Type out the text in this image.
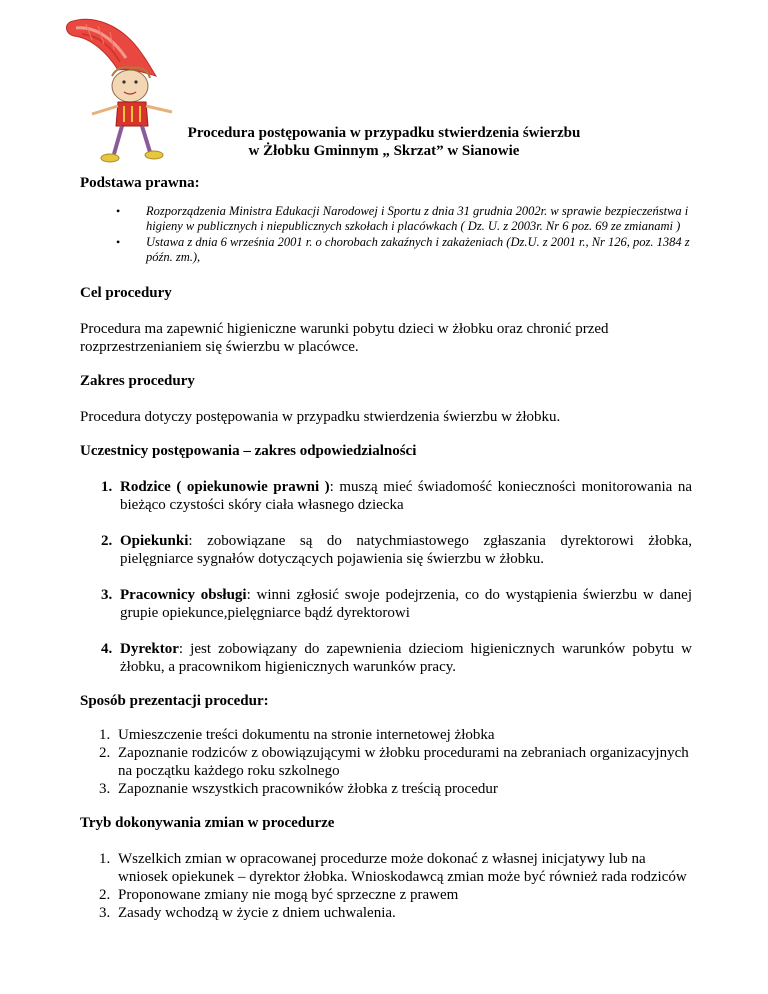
Procedura postępowania w przypadku stwierdzenia świerzbu
w Żłobku Gminnym „ Skrzat” w Sianowie

Podstawa prawna:

• Rozporządzenia Ministra Edukacji Narodowej i Sportu z dnia 31 grudnia 2002r. w sprawie bezpieczeństwa i higieny w publicznych i niepublicznych szkołach i placówkach ( Dz. U. z 2003r. Nr 6 poz. 69 ze zmianami )
• Ustawa z dnia 6 września 2001 r. o chorobach zakaźnych i zakażeniach (Dz.U. z 2001 r., Nr 126, poz. 1384 z późn. zm.),

Cel procedury

Procedura ma zapewnić higieniczne warunki pobytu dzieci w żłobku oraz chronić przed rozprzestrzenianiem się świerzbu w placówce.

Zakres procedury

Procedura dotyczy postępowania w przypadku stwierdzenia świerzbu w żłobku.

Uczestnicy postępowania – zakres odpowiedzialności

1. Rodzice ( opiekunowie prawni ): muszą mieć świadomość konieczności monitorowania na bieżąco czystości skóry ciała własnego dziecka
2. Opiekunki: zobowiązane są do natychmiastowego zgłaszania dyrektorowi żłobka, pielęgniarce sygnałów dotyczących pojawienia się świerzbu w żłobku.
3. Pracownicy obsługi: winni zgłosić swoje podejrzenia, co do wystąpienia świerzbu w danej grupie opiekunce,pielęgniarce bądź dyrektorowi
4. Dyrektor: jest zobowiązany do zapewnienia dzieciom higienicznych warunków pobytu w żłobku, a pracownikom higienicznych warunków pracy.

Sposób prezentacji procedur:

1. Umieszczenie treści dokumentu na stronie internetowej żłobka
2. Zapoznanie rodziców z obowiązującymi w żłobku procedurami na zebraniach organizacyjnych na początku każdego roku szkolnego
3. Zapoznanie wszystkich pracowników żłobka z treścią procedur

Tryb dokonywania zmian w procedurze

1. Wszelkich zmian w opracowanej procedurze może dokonać z własnej inicjatywy lub na wniosek opiekunek – dyrektor żłobka. Wnioskodawcą zmian może być również rada rodziców
2. Proponowane zmiany nie mogą być sprzeczne z prawem
3. Zasady wchodzą w życie z dniem uchwalenia.
